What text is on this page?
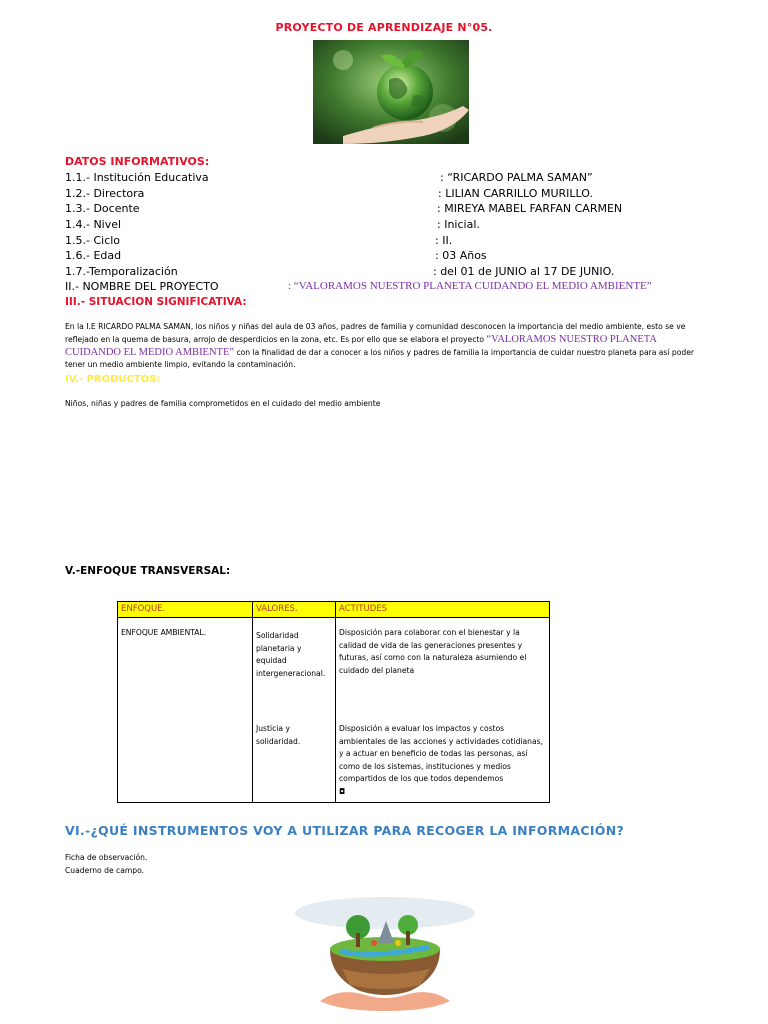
PROYECTO DE APRENDIZAJE N°05.
DATOS INFORMATIVOS:
1.1.- Institución Educativa	: “RICARDO PALMA SAMAN”
1.2.- Directora	: LILIAN CARRILLO MURILLO.
1.3.- Docente	: MIREYA MABEL FARFAN CARMEN
1.4.- Nivel	: Inicial.
1.5.- Ciclo	: II.
1.6.- Edad	: 03 Años
1.7.-Temporalización	: del 01 de JUNIO al 17 DE JUNIO.
II.- NOMBRE DEL PROYECTO	: “VALORAMOS NUESTRO PLANETA CUIDANDO EL MEDIO AMBIENTE”
III.- SITUACION SIGNIFICATIVA:
En la I.E RICARDO PALMA SAMAN, los niños y niñas del aula de 03 años, padres de familia y comunidad desconocen la importancia del medio ambiente, esto se ve reflejado en la quema de basura, arrojo de desperdicios en la zona, etc. Es por ello que se elabora el proyecto “VALORAMOS NUESTRO PLANETA CUIDANDO EL MEDIO AMBIENTE” con la finalidad de dar a conocer a los niños y padres de familia la importancia de cuidar nuestro planeta para así poder tener un medio ambiente limpio, evitando la contaminación.
IV.- PRODUCTOS:
Niños, niñas y padres de familia comprometidos en el cuidado del medio ambiente
V.-ENFOQUE TRANSVERSAL:
ENFOQUE.	VALORES.	ACTITUDES

ENFOQUE AMBIENTAL.	Solidaridad planetaria y equidad intergeneracional.	Disposición para colaborar con el bienestar y la calidad de vida de las generaciones presentes y futuras, así como con la naturaleza asumiendo el cuidado del planeta

	Justicia y solidaridad.	Disposición a evaluar los impactos y costos ambientales de las acciones y actividades cotidianas, y a actuar en beneficio de todas las personas, así como de los sistemas, instituciones y medios compartidos de los que todos dependemos
◘
VI.-¿QUÉ INSTRUMENTOS VOY A UTILIZAR PARA RECOGER LA INFORMACIÓN?
Ficha de observación.
Cuaderno de campo.
